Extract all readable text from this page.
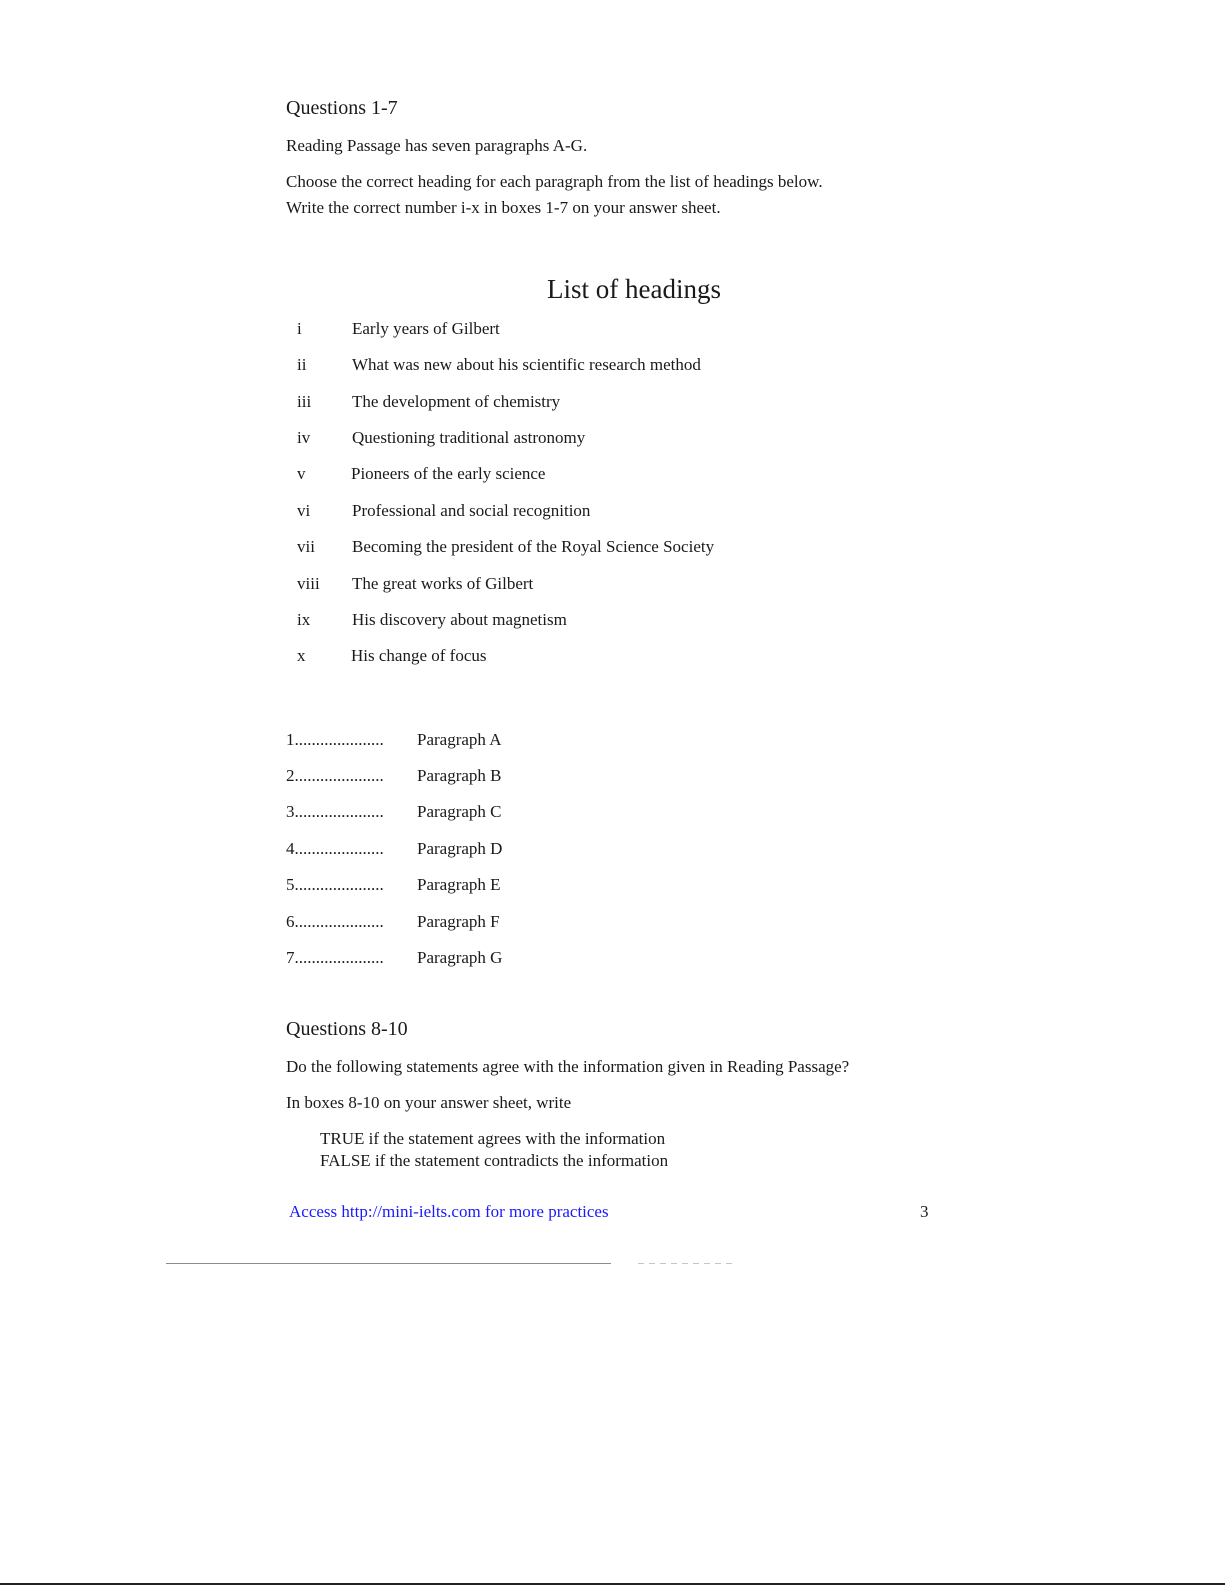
Questions 1-7
Reading Passage has seven paragraphs A-G.
Choose the correct heading for each paragraph from the list of headings below.
Write the correct number i-x in boxes 1-7 on your answer sheet.
List of headings
i	Early years of Gilbert
ii	What was new about his scientific research method
iii The development of chemistry
iv Questioning traditional astronomy
v	Pioneers of the early science
vi Professional and social recognition
vii Becoming the president of the Royal Science Society
viii The great works of Gilbert
ix His discovery about magnetism
x	His change of focus
1..................... Paragraph A
2..................... Paragraph B
3..................... Paragraph C
4..................... Paragraph D
5..................... Paragraph E
6..................... Paragraph F
7..................... Paragraph G
Questions 8-10
Do the following statements agree with the information given in Reading Passage?
In boxes 8-10 on your answer sheet, write
TRUE if the statement agrees with the information
FALSE if the statement contradicts the information
Access http://mini-ielts.com for more practices	3
